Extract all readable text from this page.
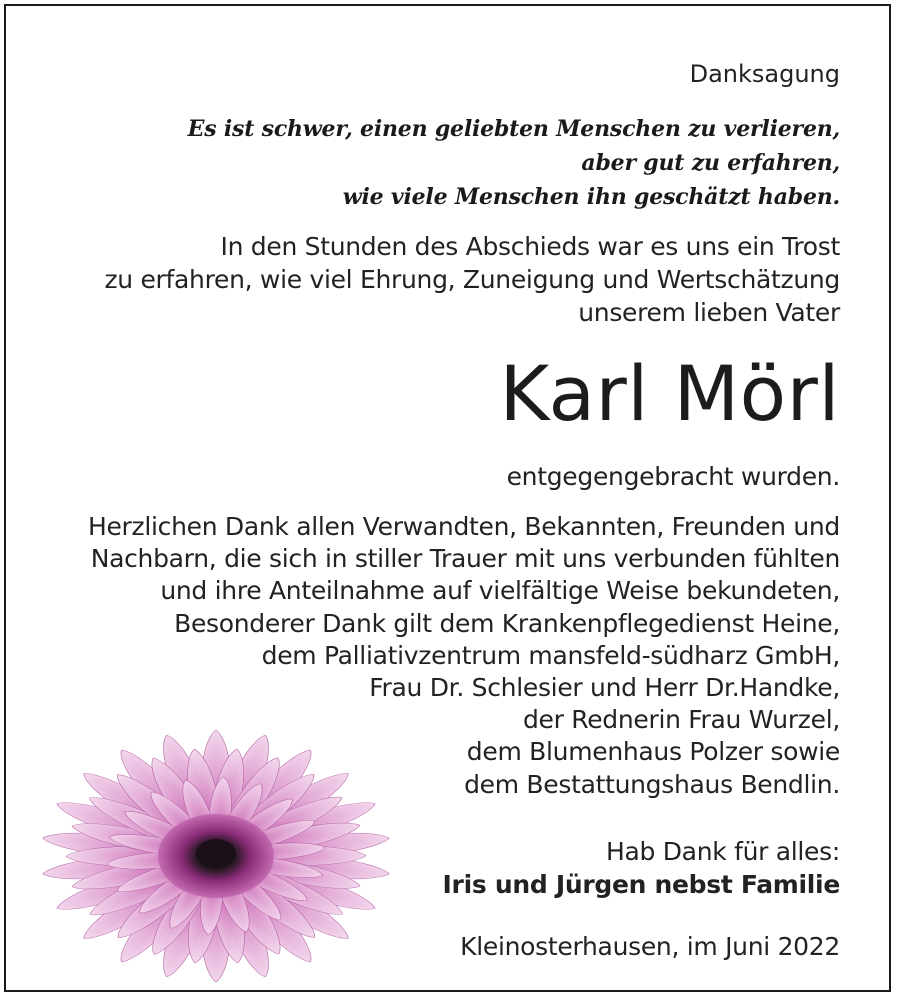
Danksagung
Es ist schwer, einen geliebten Menschen zu verlieren,
aber gut zu erfahren,
wie viele Menschen ihn geschätzt haben.
In den Stunden des Abschieds war es uns ein Trost
zu erfahren, wie viel Ehrung, Zuneigung und Wertschätzung
unserem lieben Vater
Karl Mörl
entgegengebracht wurden.
Herzlichen Dank allen Verwandten, Bekannten, Freunden und
Nachbarn, die sich in stiller Trauer mit uns verbunden fühlten
und ihre Anteilnahme auf vielfältige Weise bekundeten,
Besonderer Dank gilt dem Krankenpflegedienst Heine,
dem Palliativzentrum mansfeld-südharz GmbH,
Frau Dr. Schlesier und Herr Dr.Handke,
der Rednerin Frau Wurzel,
dem Blumenhaus Polzer sowie
dem Bestattungshaus Bendlin.
Hab Dank für alles:
Iris und Jürgen nebst Familie
Kleinosterhausen, im Juni 2022
